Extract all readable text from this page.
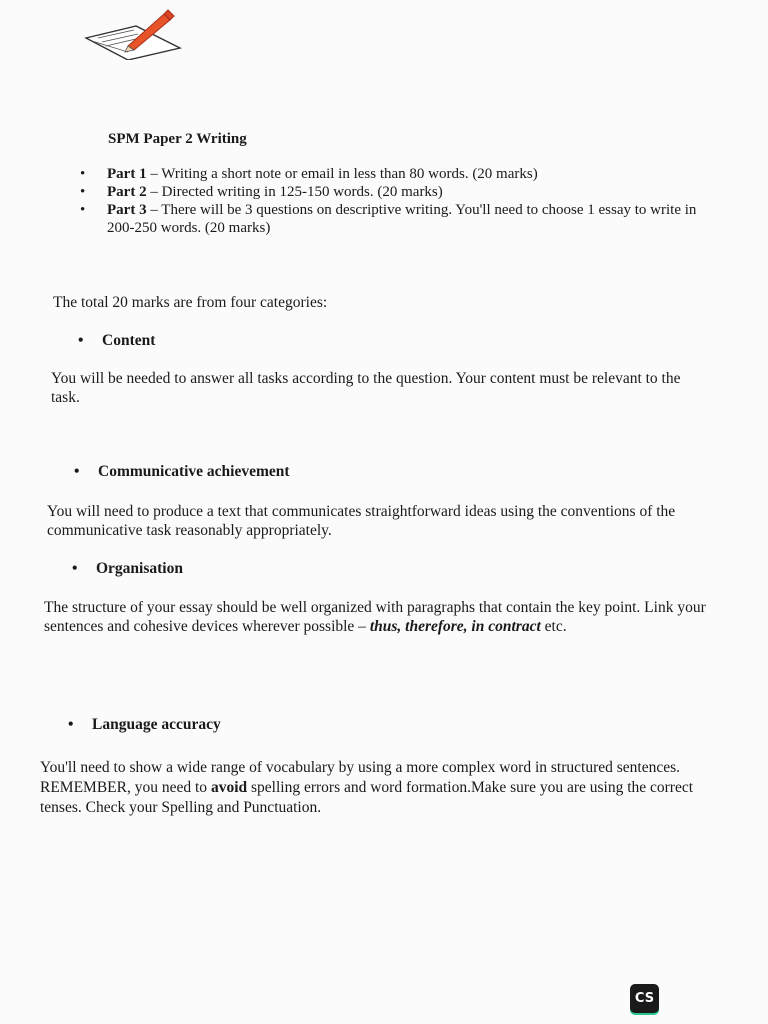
SPM Paper 2 Writing
• Part 1 – Writing a short note or email in less than 80 words. (20 marks)
• Part 2 – Directed writing in 125-150 words. (20 marks)
• Part 3 – There will be 3 questions on descriptive writing. You'll need to choose 1 essay to write in 200-250 words. (20 marks)
The total 20 marks are from four categories:
• Content
You will be needed to answer all tasks according to the question. Your content must be relevant to the task.
• Communicative achievement
You will need to produce a text that communicates straightforward ideas using the conventions of the communicative task reasonably appropriately.
• Organisation
The structure of your essay should be well organized with paragraphs that contain the key point. Link your sentences and cohesive devices wherever possible – thus, therefore, in contract etc.
• Language accuracy
You'll need to show a wide range of vocabulary by using a more complex word in structured sentences. REMEMBER, you need to avoid spelling errors and word formation.Make sure you are using the correct tenses. Check your Spelling and Punctuation.
CS
